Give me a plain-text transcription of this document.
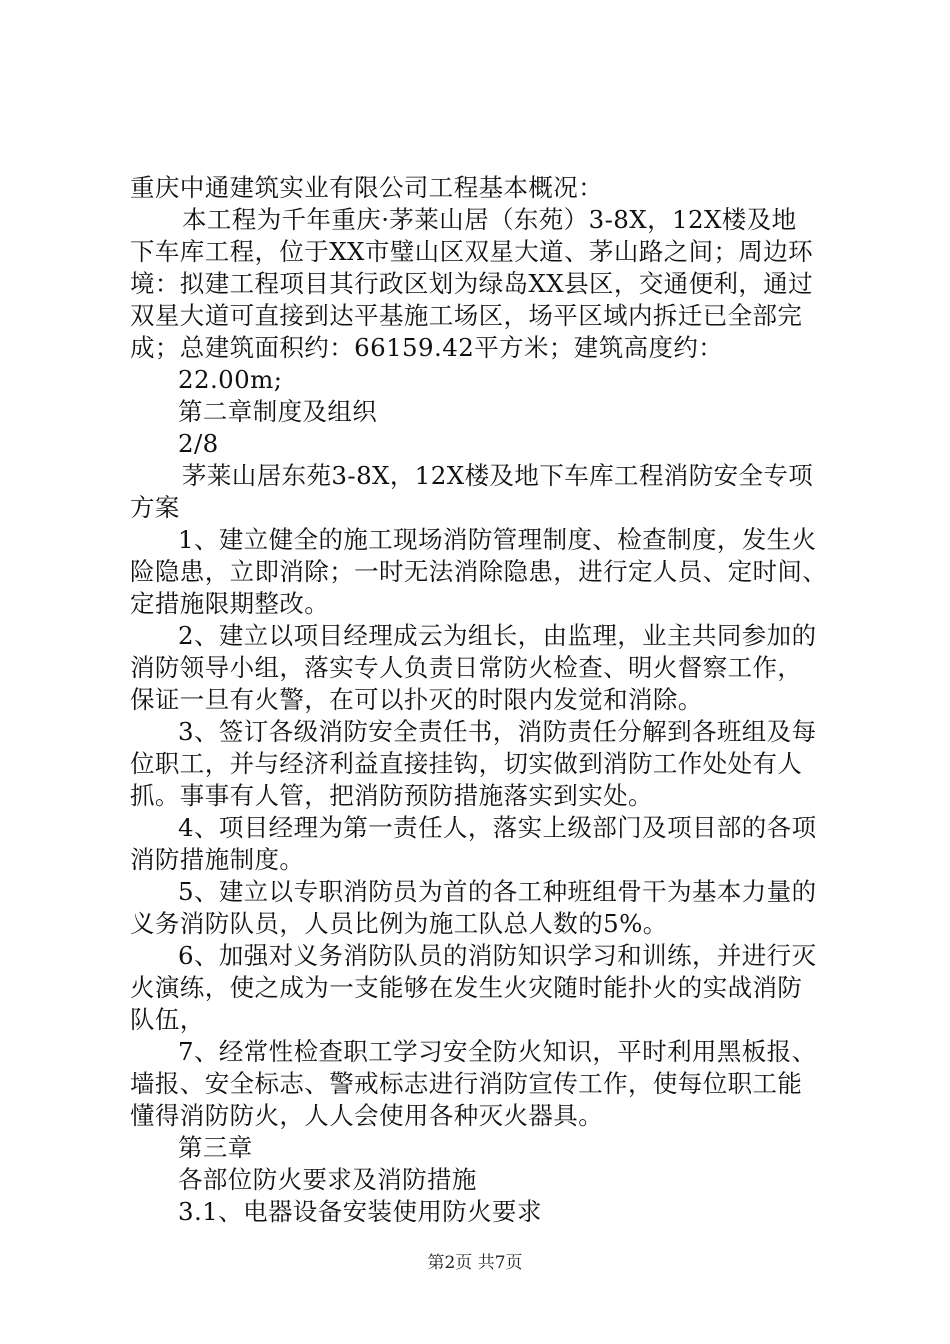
重庆中通建筑实业有限公司工程基本概况：
本工程为千年重庆·茅莱山居（东苑）3-8X，12X楼及地
下车库工程，位于XX市璧山区双星大道、茅山路之间；周边环
境：拟建工程项目其行政区划为绿岛XX县区，交通便利，通过
双星大道可直接到达平基施工场区，场平区域内拆迁已全部完
成；总建筑面积约：66159.42平方米；建筑高度约：
22.00m;
第二章制度及组织
2/8
茅莱山居东苑3-8X，12X楼及地下车库工程消防安全专项
方案
1、建立健全的施工现场消防管理制度、检查制度，发生火
险隐患，立即消除；一时无法消除隐患，进行定人员、定时间、
定措施限期整改。
2、建立以项目经理成云为组长，由监理，业主共同参加的
消防领导小组，落实专人负责日常防火检查、明火督察工作，
保证一旦有火警，在可以扑灭的时限内发觉和消除。
3、签订各级消防安全责任书，消防责任分解到各班组及每
位职工，并与经济利益直接挂钩，切实做到消防工作处处有人
抓。事事有人管，把消防预防措施落实到实处。
4、项目经理为第一责任人，落实上级部门及项目部的各项
消防措施制度。
5、建立以专职消防员为首的各工种班组骨干为基本力量的
义务消防队员，人员比例为施工队总人数的5%。
6、加强对义务消防队员的消防知识学习和训练，并进行灭
火演练，使之成为一支能够在发生火灾随时能扑火的实战消防
队伍，
7、经常性检查职工学习安全防火知识，平时利用黑板报、
墙报、安全标志、警戒标志进行消防宣传工作，使每位职工能
懂得消防防火，人人会使用各种灭火器具。
第三章
各部位防火要求及消防措施
3.1、电器设备安装使用防火要求
第2页 共7页
